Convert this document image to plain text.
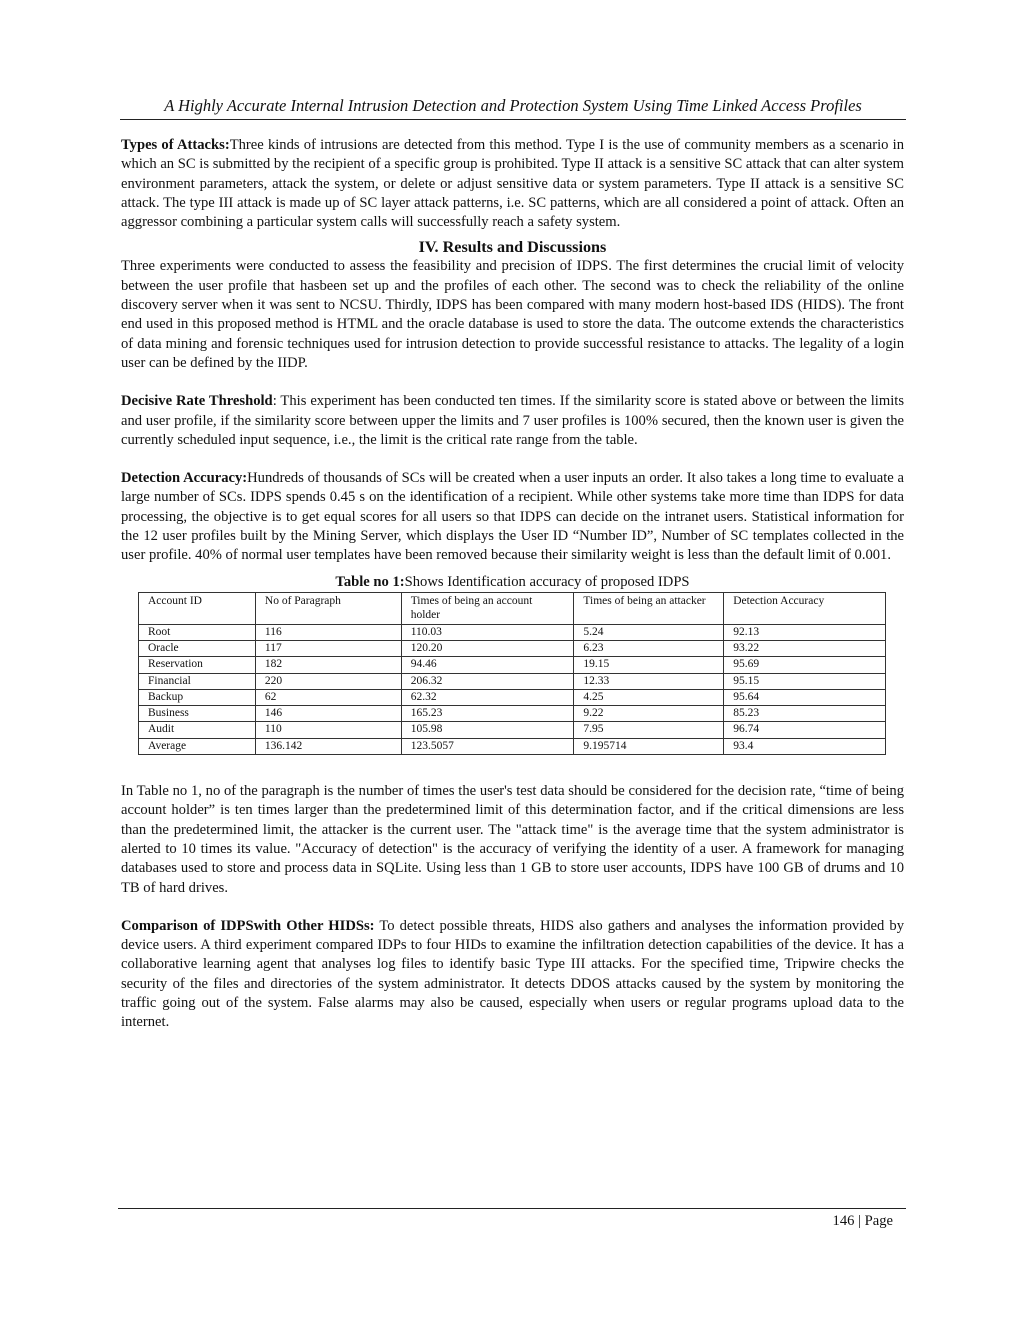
A Highly Accurate Internal Intrusion Detection and Protection System Using Time Linked Access Profiles

Types of Attacks:Three kinds of intrusions are detected from this method. Type I is the use of community members as a scenario in which an SC is submitted by the recipient of a specific group is prohibited. Type II attack is a sensitive SC attack that can alter system environment parameters, attack the system, or delete or adjust sensitive data or system parameters. Type II attack is a sensitive SC attack. The type III attack is made up of SC layer attack patterns, i.e. SC patterns, which are all considered a point of attack. Often an aggressor combining a particular system calls will successfully reach a safety system.

IV. Results and Discussions

Three experiments were conducted to assess the feasibility and precision of IDPS. The first determines the crucial limit of velocity between the user profile that hasbeen set up and the profiles of each other. The second was to check the reliability of the online discovery server when it was sent to NCSU. Thirdly, IDPS has been compared with many modern host-based IDS (HIDS). The front end used in this proposed method is HTML and the oracle database is used to store the data. The outcome extends the characteristics of data mining and forensic techniques used for intrusion detection to provide successful resistance to attacks. The legality of a login user can be defined by the IIDP.

Decisive Rate Threshold: This experiment has been conducted ten times. If the similarity score is stated above or between the limits and user profile, if the similarity score between upper the limits and 7 user profiles is 100% secured, then the known user is given the currently scheduled input sequence, i.e., the limit is the critical rate range from the table.

Detection Accuracy:Hundreds of thousands of SCs will be created when a user inputs an order. It also takes a long time to evaluate a large number of SCs. IDPS spends 0.45 s on the identification of a recipient. While other systems take more time than IDPS for data processing, the objective is to get equal scores for all users so that IDPS can decide on the intranet users. Statistical information for the 12 user profiles built by the Mining Server, which displays the User ID “Number ID”, Number of SC templates collected in the user profile. 40% of normal user templates have been removed because their similarity weight is less than the default limit of 0.001.

Table no 1:Shows Identification accuracy of proposed IDPS
Account ID	No of Paragraph	Times of being an account holder	Times of being an attacker	Detection Accuracy
Root	116	110.03	5.24	92.13
Oracle	117	120.20	6.23	93.22
Reservation	182	94.46	19.15	95.69
Financial	220	206.32	12.33	95.15
Backup	62	62.32	4.25	95.64
Business	146	165.23	9.22	85.23
Audit	110	105.98	7.95	96.74
Average	136.142	123.5057	9.195714	93.4

In Table no 1, no of the paragraph is the number of times the user's test data should be considered for the decision rate, “time of being account holder” is ten times larger than the predetermined limit of this determination factor, and if the critical dimensions are less than the predetermined limit, the attacker is the current user. The "attack time" is the average time that the system administrator is alerted to 10 times its value. "Accuracy of detection" is the accuracy of verifying the identity of a user. A framework for managing databases used to store and process data in SQLite. Using less than 1 GB to store user accounts, IDPS have 100 GB of drums and 10 TB of hard drives.

Comparison of IDPSwith Other HIDSs: To detect possible threats, HIDS also gathers and analyses the information provided by device users. A third experiment compared IDPs to four HIDs to examine the infiltration detection capabilities of the device. It has a collaborative learning agent that analyses log files to identify basic Type III attacks. For the specified time, Tripwire checks the security of the files and directories of the system administrator. It detects DDOS attacks caused by the system by monitoring the traffic going out of the system. False alarms may also be caused, especially when users or regular programs upload data to the internet.

146 | Page
